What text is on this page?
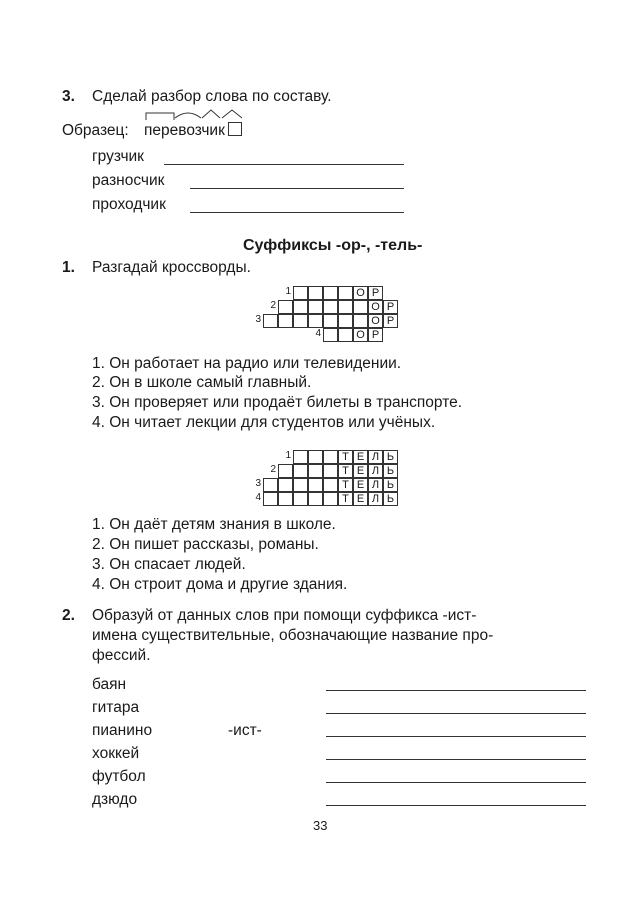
3. Сделай разбор слова по составу.
Образец: перевозчик
грузчик
разносчик
проходчик
Суффиксы -ор-, -тель-
1. Разгадай кроссворды.
1	О Р
2	О Р
3	О Р
4	О Р
1. Он работает на радио или телевидении.
2. Он в школе самый главный.
3. Он проверяет или продаёт билеты в транспорте.
4. Он читает лекции для студентов или учёных.
1	Т Е Л Ь
2	Т Е Л Ь
3	Т Е Л Ь
4	Т Е Л Ь
1. Он даёт детям знания в школе.
2. Он пишет рассказы, романы.
3. Он спасает людей.
4. Он строит дома и другие здания.
2. Образуй от данных слов при помощи суффикса -ист-
имена существительные, обозначающие название про-
фессий.
баян
гитара
пианино	-ист-
хоккей
футбол
дзюдо
33
